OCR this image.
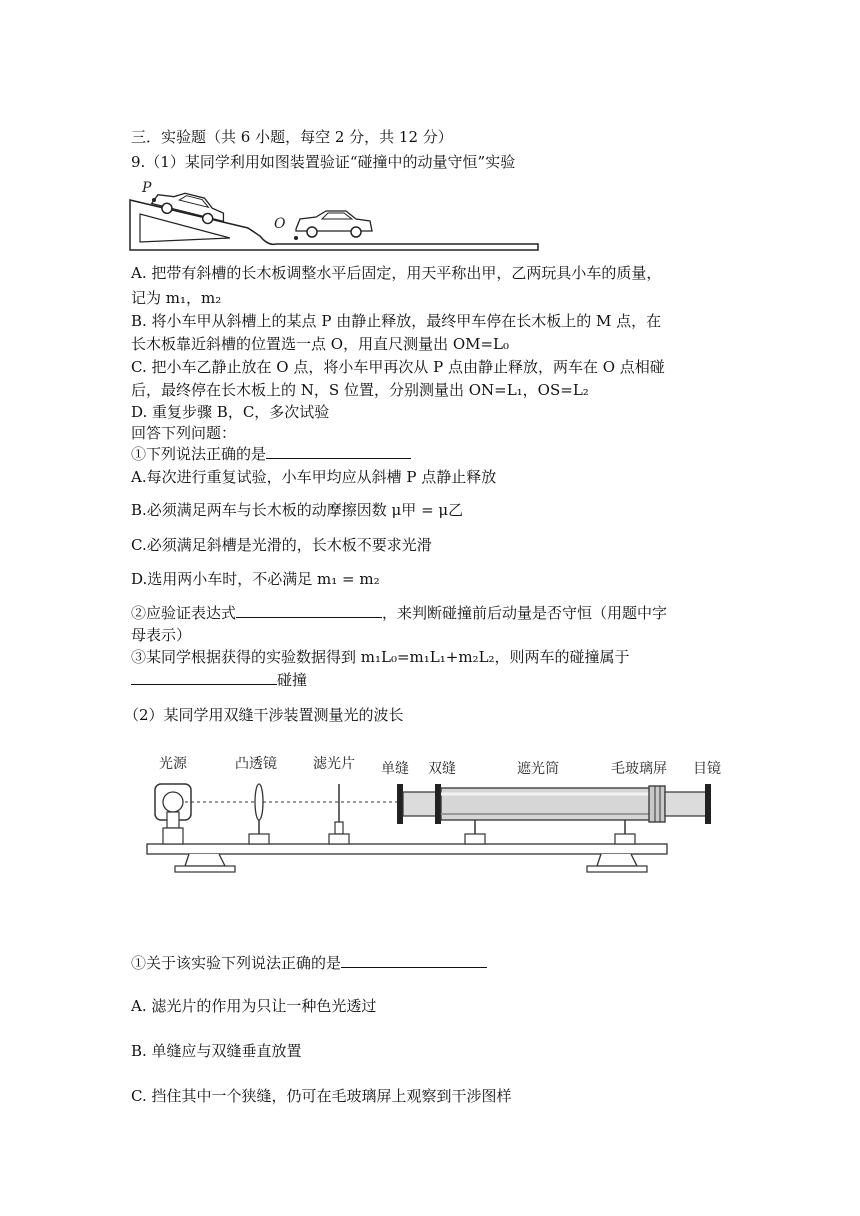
三．实验题（共 6 小题，每空 2 分，共 12 分）
9.（1）某同学利用如图装置验证“碰撞中的动量守恒”实验
P
O
A. 把带有斜槽的长木板调整水平后固定，用天平称出甲，乙两玩具小车的质量，
记为 m₁，m₂
B. 将小车甲从斜槽上的某点 P 由静止释放，最终甲车停在长木板上的 M 点，在
长木板靠近斜槽的位置选一点 O，用直尺测量出 OM=L₀
C. 把小车乙静止放在 O 点，将小车甲再次从 P 点由静止释放，两车在 O 点相碰
后，最终停在长木板上的 N，S 位置，分别测量出 ON=L₁，OS=L₂
D. 重复步骤 B，C，多次试验
回答下列问题：
①下列说法正确的是
A.每次进行重复试验，小车甲均应从斜槽 P 点静止释放
B.必须满足两车与长木板的动摩擦因数 μ甲 = μ乙
C.必须满足斜槽是光滑的，长木板不要求光滑
D.选用两小车时，不必满足 m₁ = m₂
②应验证表达式	，来判断碰撞前后动量是否守恒（用题中字
母表示）
③某同学根据获得的实验数据得到 m₁L₀=m₁L₁+m₂L₂，则两车的碰撞属于
碰撞
（2）某同学用双缝干涉装置测量光的波长
光源	凸透镜	滤光片 单缝 双缝	遮光筒	毛玻璃屏 目镜
①关于该实验下列说法正确的是
A. 滤光片的作用为只让一种色光透过
B. 单缝应与双缝垂直放置
C. 挡住其中一个狭缝，仍可在毛玻璃屏上观察到干涉图样
